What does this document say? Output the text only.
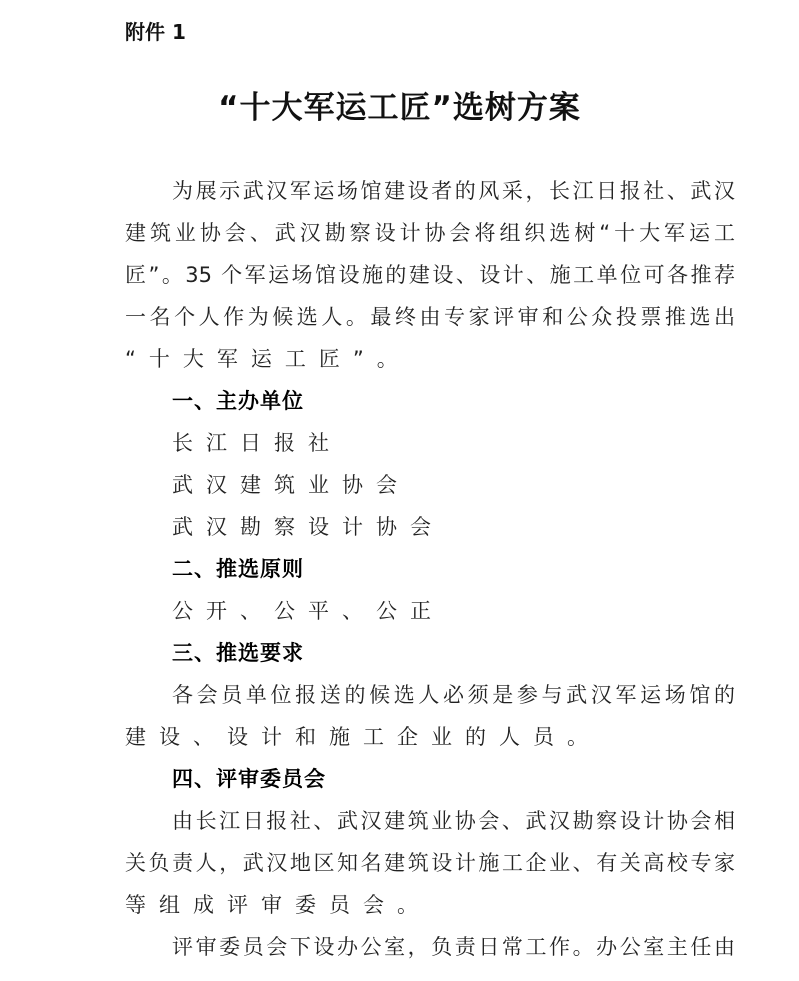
附件 1
“十大军运工匠”选树方案
为展示武汉军运场馆建设者的风采，长江日报社、武汉
建筑业协会、武汉勘察设计协会将组织选树“十大军运工
匠”。35 个军运场馆设施的建设、设计、施工单位可各推荐
一名个人作为候选人。最终由专家评审和公众投票推选出
“十大军运工匠”。
一、主办单位
长江日报社
武汉建筑业协会
武汉勘察设计协会
二、推选原则
公开、公平、公正
三、推选要求
各会员单位报送的候选人必须是参与武汉军运场馆的
建设、设计和施工企业的人员。
四、评审委员会
由长江日报社、武汉建筑业协会、武汉勘察设计协会相
关负责人，武汉地区知名建筑设计施工企业、有关高校专家
等组成评审委员会。
评审委员会下设办公室，负责日常工作。办公室主任由
